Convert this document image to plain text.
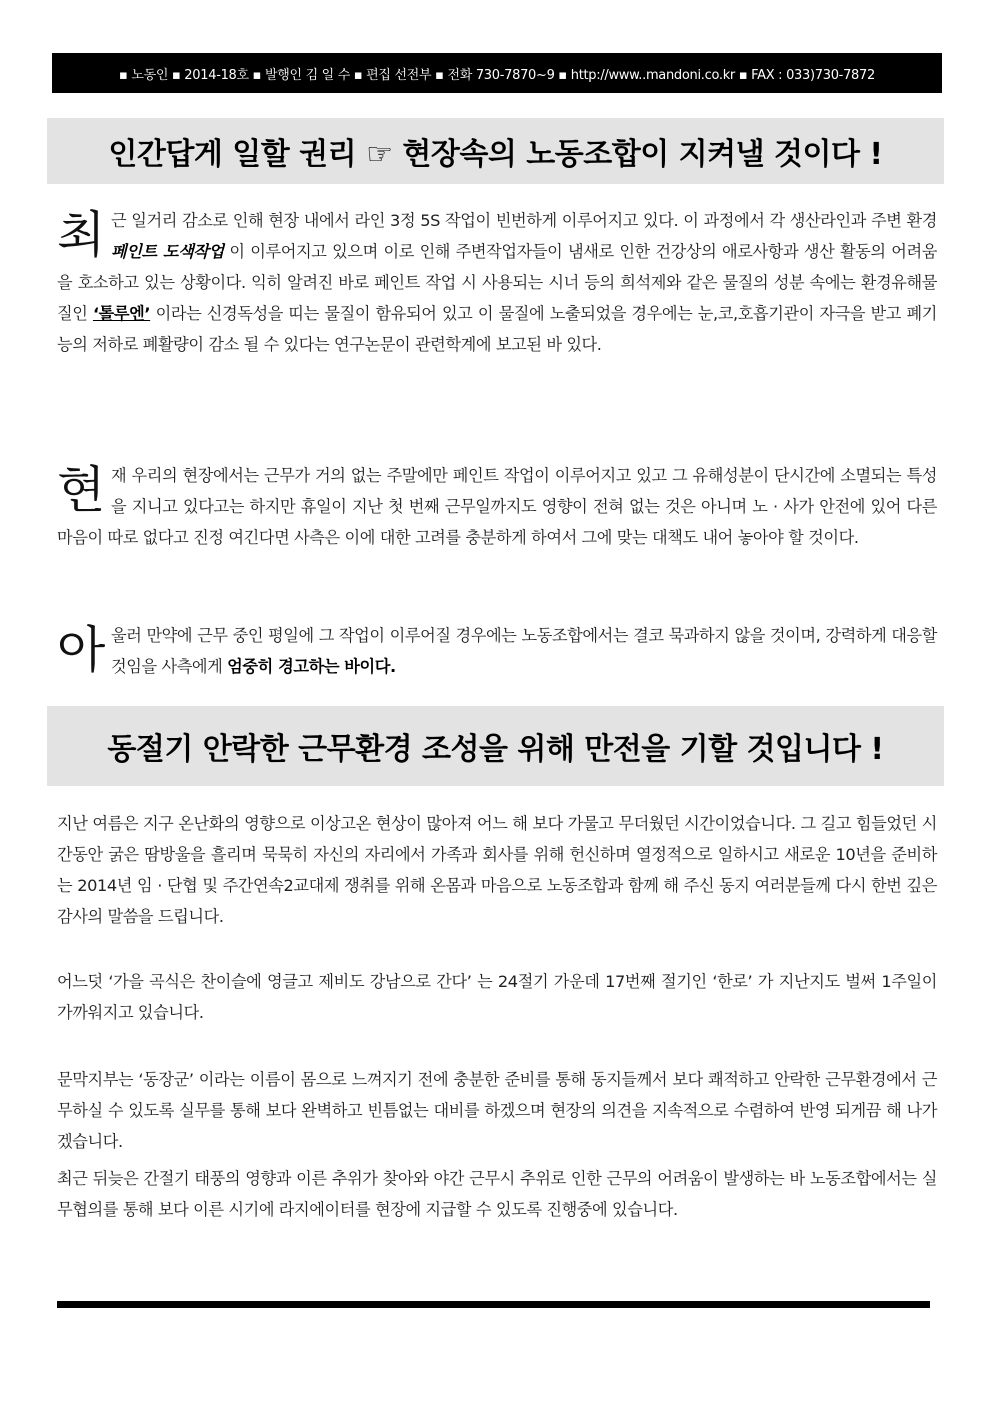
▪ 노동인 ▪ 2014-18호 ▪ 발행인 김 일 수 ▪ 편집 선전부 ▪ 전화 730-7870~9 ▪ http://www..mandoni.co.kr ▪ FAX : 033)730-7872
인간답게 일할 권리 ☞ 현장속의 노동조합이 지켜낼 것이다 !
최근 일거리 감소로 인해 현장 내에서 라인 3정 5S 작업이 빈번하게 이루어지고 있다. 이 과정에서 각 생산라인과 주변 환경 페인트 도색작업 이 이루어지고 있으며 이로 인해 주변작업자들이 냄새로 인한 건강상의 애로사항과 생산 활동의 어려움을 호소하고 있는 상황이다. 익히 알려진 바로 페인트 작업 시 사용되는 시너 등의 희석제와 같은 물질의 성분 속에는 환경유해물질인 ‘톨루엔’ 이라는 신경독성을 띠는 물질이 함유되어 있고 이 물질에 노출되었을 경우에는 눈,코,호흡기관이 자극을 받고 폐기능의 저하로 폐활량이 감소 될 수 있다는 연구논문이 관련학계에 보고된 바 있다.
현재 우리의 현장에서는 근무가 거의 없는 주말에만 페인트 작업이 이루어지고 있고 그 유해성분이 단시간에 소멸되는 특성을 지니고 있다고는 하지만 휴일이 지난 첫 번째 근무일까지도 영향이 전혀 없는 것은 아니며 노 · 사가 안전에 있어 다른 마음이 따로 없다고 진정 여긴다면 사측은 이에 대한 고려를 충분하게 하여서 그에 맞는 대책도 내어 놓아야 할 것이다.
아울러 만약에 근무 중인 평일에 그 작업이 이루어질 경우에는 노동조합에서는 결코 묵과하지 않을 것이며, 강력하게 대응할 것임을 사측에게 엄중히 경고하는 바이다.
동절기 안락한 근무환경 조성을 위해 만전을 기할 것입니다 !
지난 여름은 지구 온난화의 영향으로 이상고온 현상이 많아져 어느 해 보다 가물고 무더웠던 시간이었습니다. 그 길고 힘들었던 시간동안 굵은 땀방울을 흘리며 묵묵히 자신의 자리에서 가족과 회사를 위해 헌신하며 열정적으로 일하시고 새로운 10년을 준비하는 2014년 임 · 단협 및 주간연속2교대제 쟁취를 위해 온몸과 마음으로 노동조합과 함께 해 주신 동지 여러분들께 다시 한번 깊은 감사의 말씀을 드립니다.
어느덧 ‘가을 곡식은 찬이슬에 영글고 제비도 강남으로 간다’ 는 24절기 가운데 17번째 절기인 ‘한로’ 가 지난지도 벌써 1주일이 가까워지고 있습니다.
문막지부는 ‘동장군’ 이라는 이름이 몸으로 느껴지기 전에 충분한 준비를 통해 동지들께서 보다 쾌적하고 안락한 근무환경에서 근무하실 수 있도록 실무를 통해 보다 완벽하고 빈틈없는 대비를 하겠으며 현장의 의견을 지속적으로 수렴하여 반영 되게끔 해 나가겠습니다.
최근 뒤늦은 간절기 태풍의 영향과 이른 추위가 찾아와 야간 근무시 추위로 인한 근무의 어려움이 발생하는 바 노동조합에서는 실무협의를 통해 보다 이른 시기에 라지에이터를 현장에 지급할 수 있도록 진행중에 있습니다.
